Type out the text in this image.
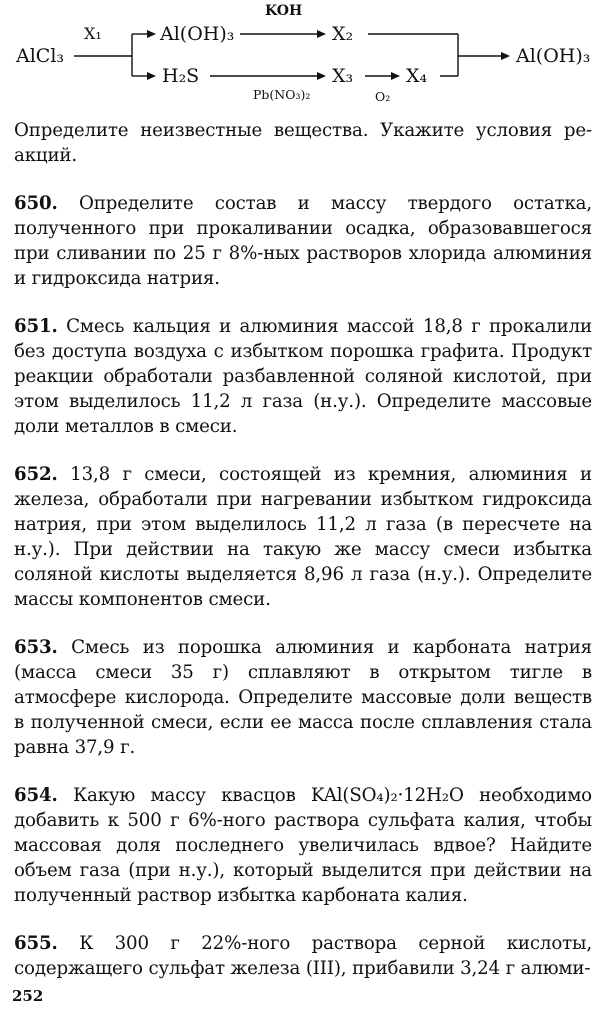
AlCl₃
X₁	Al(OH)₃
KOH
X₂
H₂S
Pb(NO₃)₂
X₃
O₂
X₄
Al(OH)₃

Определите неизвестные вещества. Укажите условия ре-акций.

650. Определите состав и массу твердого остатка, полученного при прокаливании осадка, образовавшегося при сливании по 25 г 8%-ных растворов хлорида алюминия и гидроксида натрия.

651. Смесь кальция и алюминия массой 18,8 г прокалили без доступа воздуха с избытком порошка графита. Продукт реакции обработали разбавленной соляной кислотой, при этом выделилось 11,2 л газа (н.у.). Определите массовые доли металлов в смеси.

652. 13,8 г смеси, состоящей из кремния, алюминия и железа, обработали при нагревании избытком гидроксида натрия, при этом выделилось 11,2 л газа (в пересчете на н.у.). При действии на такую же массу смеси избытка соляной кислоты выделяется 8,96 л газа (н.у.). Определите массы компонентов смеси.

653. Смесь из порошка алюминия и карбоната натрия (масса смеси 35 г) сплавляют в открытом тигле в атмосфере кислорода. Определите массовые доли веществ в полученной смеси, если ее масса после сплавления стала равна 37,9 г.

654. Какую массу квасцов KAl(SO₄)₂·12H₂O необходимо добавить к 500 г 6%-ного раствора сульфата калия, чтобы массовая доля последнего увеличилась вдвое? Найдите объем газа (при н.у.), который выделится при действии на полученный раствор избытка карбоната калия.

655. К 300 г 22%-ного раствора серной кислоты, содержащего сульфат железа (III), прибавили 3,24 г алюми-

252
